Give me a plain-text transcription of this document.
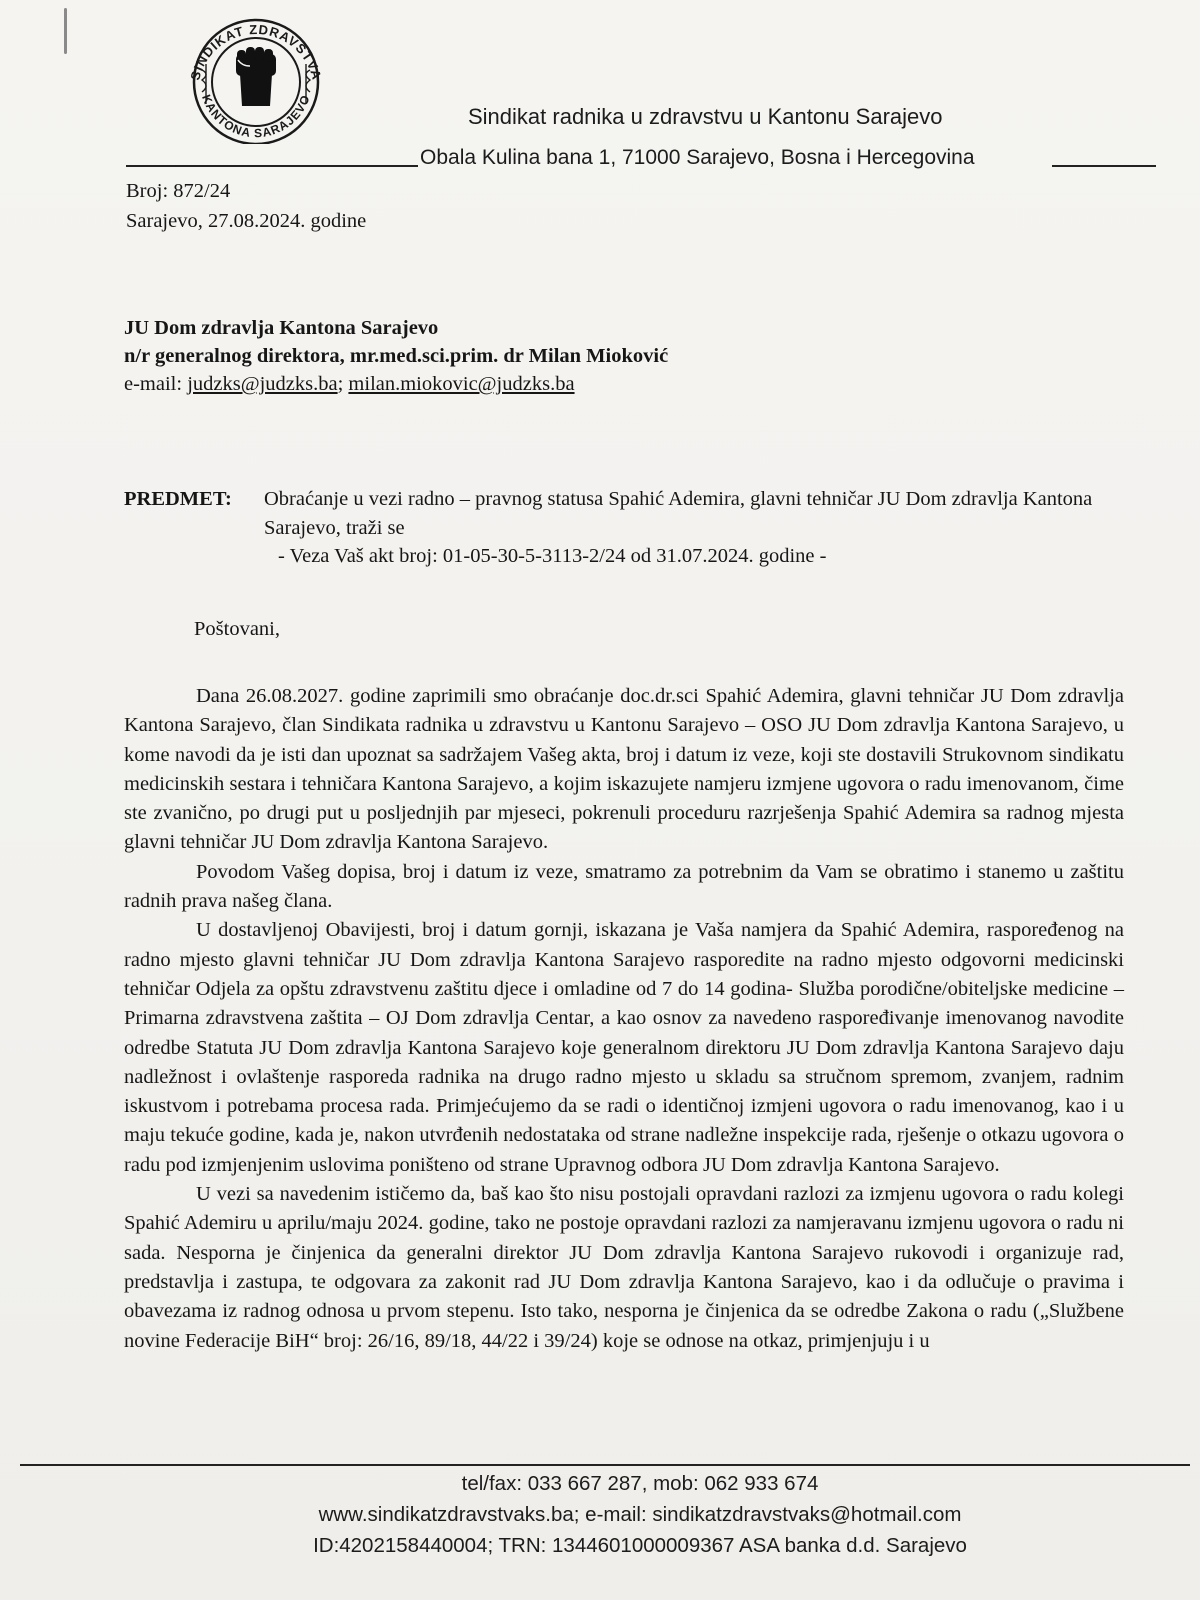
SINDIKAT ZDRAVSTVA
KANTONA SARAJEVO
Sindikat radnika u zdravstvu u Kantonu Sarajevo
Obala Kulina bana 1, 71000 Sarajevo, Bosna i Hercegovina
Broj: 872/24
Sarajevo, 27.08.2024. godine
JU Dom zdravlja Kantona Sarajevo
n/r generalnog direktora, mr.med.sci.prim. dr Milan Mioković
e-mail: judzks@judzks.ba; milan.miokovic@judzks.ba
PREDMET: Obraćanje u vezi radno – pravnog statusa Spahić Ademira, glavni tehničar JU Dom zdravlja Kantona Sarajevo, traži se
- Veza Vaš akt broj: 01-05-30-5-3113-2/24 od 31.07.2024. godine -
Poštovani,

Dana 26.08.2027. godine zaprimili smo obraćanje doc.dr.sci Spahić Ademira, glavni tehničar JU Dom zdravlja Kantona Sarajevo, član Sindikata radnika u zdravstvu u Kantonu Sarajevo – OSO JU Dom zdravlja Kantona Sarajevo, u kome navodi da je isti dan upoznat sa sadržajem Vašeg akta, broj i datum iz veze, koji ste dostavili Strukovnom sindikatu medicinskih sestara i tehničara Kantona Sarajevo, a kojim iskazujete namjeru izmjene ugovora o radu imenovanom, čime ste zvanično, po drugi put u posljednjih par mjeseci, pokrenuli proceduru razrješenja Spahić Ademira sa radnog mjesta glavni tehničar JU Dom zdravlja Kantona Sarajevo.

Povodom Vašeg dopisa, broj i datum iz veze, smatramo za potrebnim da Vam se obratimo i stanemo u zaštitu radnih prava našeg člana.

U dostavljenoj Obavijesti, broj i datum gornji, iskazana je Vaša namjera da Spahić Ademira, raspoređenog na radno mjesto glavni tehničar JU Dom zdravlja Kantona Sarajevo rasporedite na radno mjesto odgovorni medicinski tehničar Odjela za opštu zdravstvenu zaštitu djece i omladine od 7 do 14 godina- Služba porodične/obiteljske medicine – Primarna zdravstvena zaštita – OJ Dom zdravlja Centar, a kao osnov za navedeno raspoređivanje imenovanog navodite odredbe Statuta JU Dom zdravlja Kantona Sarajevo koje generalnom direktoru JU Dom zdravlja Kantona Sarajevo daju nadležnost i ovlaštenje rasporeda radnika na drugo radno mjesto u skladu sa stručnom spremom, zvanjem, radnim iskustvom i potrebama procesa rada. Primjećujemo da se radi o identičnoj izmjeni ugovora o radu imenovanog, kao i u maju tekuće godine, kada je, nakon utvrđenih nedostataka od strane nadležne inspekcije rada, rješenje o otkazu ugovora o radu pod izmjenjenim uslovima poništeno od strane Upravnog odbora JU Dom zdravlja Kantona Sarajevo.

U vezi sa navedenim ističemo da, baš kao što nisu postojali opravdani razlozi za izmjenu ugovora o radu kolegi Spahić Ademiru u aprilu/maju 2024. godine, tako ne postoje opravdani razlozi za namjeravanu izmjenu ugovora o radu ni sada. Nesporna je činjenica da generalni direktor JU Dom zdravlja Kantona Sarajevo rukovodi i organizuje rad, predstavlja i zastupa, te odgovara za zakonit rad JU Dom zdravlja Kantona Sarajevo, kao i da odlučuje o pravima i obavezama iz radnog odnosa u prvom stepenu. Isto tako, nesporna je činjenica da se odredbe Zakona o radu („Službene novine Federacije BiH“ broj: 26/16, 89/18, 44/22 i 39/24) koje se odnose na otkaz, primjenjuju i u

tel/fax: 033 667 287, mob: 062 933 674
www.sindikatzdravstvaks.ba; e-mail: sindikatzdravstvaks@hotmail.com
ID:4202158440004; TRN: 1344601000009367 ASA banka d.d. Sarajevo
